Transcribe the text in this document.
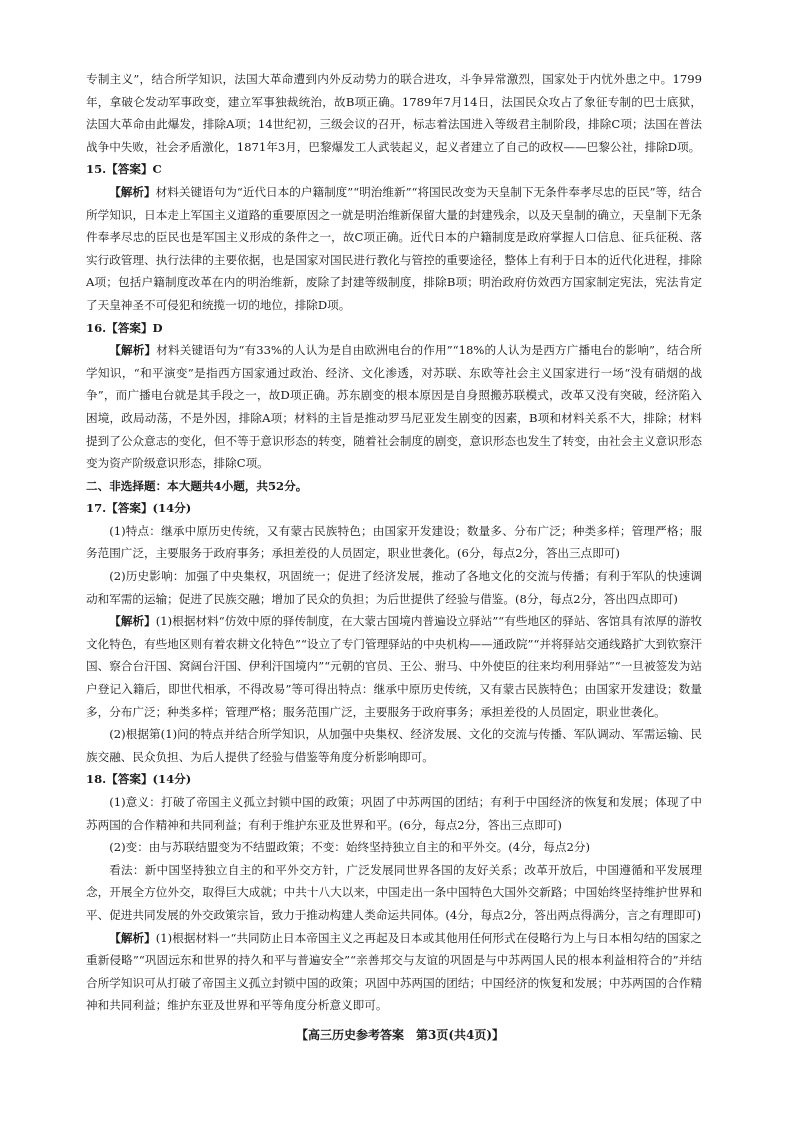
专制主义”，结合所学知识，法国大革命遭到内外反动势力的联合进攻，斗争异常激烈，国家处于内忧外患之中。1799年，拿破仑发动军事政变，建立军事独裁统治，故B项正确。1789年7月14日，法国民众攻占了象征专制的巴士底狱，法国大革命由此爆发，排除A项；14世纪初，三级会议的召开，标志着法国进入等级君主制阶段，排除C项；法国在普法战争中失败，社会矛盾激化，1871年3月，巴黎爆发工人武装起义，起义者建立了自己的政权——巴黎公社，排除D项。

15.【答案】C

【解析】材料关键语句为“近代日本的户籍制度”“明治维新”“将国民改变为天皇制下无条件奉孝尽忠的臣民”等，结合所学知识，日本走上军国主义道路的重要原因之一就是明治维新保留大量的封建残余，以及天皇制的确立，天皇制下无条件奉孝尽忠的臣民也是军国主义形成的条件之一，故C项正确。近代日本的户籍制度是政府掌握人口信息、征兵征税、落实行政管理、执行法律的主要依据，也是国家对国民进行教化与管控的重要途径，整体上有利于日本的近代化进程，排除A项；包括户籍制度改革在内的明治维新，废除了封建等级制度，排除B项；明治政府仿效西方国家制定宪法，宪法肯定了天皇神圣不可侵犯和统揽一切的地位，排除D项。

16.【答案】D

【解析】材料关键语句为“有33%的人认为是自由欧洲电台的作用”“18%的人认为是西方广播电台的影响”，结合所学知识，“和平演变”是指西方国家通过政治、经济、文化渗透，对苏联、东欧等社会主义国家进行一场“没有硝烟的战争”，而广播电台就是其手段之一，故D项正确。苏东剧变的根本原因是自身照搬苏联模式，改革又没有突破，经济陷入困境，政局动荡，不是外因，排除A项；材料的主旨是推动罗马尼亚发生剧变的因素，B项和材料关系不大，排除；材料提到了公众意志的变化，但不等于意识形态的转变，随着社会制度的剧变，意识形态也发生了转变，由社会主义意识形态变为资产阶级意识形态，排除C项。

二、非选择题：本大题共4小题，共52分。

17.【答案】(14分)

(1)特点：继承中原历史传统，又有蒙古民族特色；由国家开发建设；数量多、分布广泛；种类多样；管理严格；服务范围广泛，主要服务于政府事务；承担差役的人员固定，职业世袭化。(6分，每点2分，答出三点即可)

(2)历史影响：加强了中央集权，巩固统一；促进了经济发展，推动了各地文化的交流与传播；有利于军队的快速调动和军需的运输；促进了民族交融；增加了民众的负担；为后世提供了经验与借鉴。(8分，每点2分，答出四点即可)

【解析】(1)根据材料“仿效中原的驿传制度，在大蒙古国境内普遍设立驿站”“有些地区的驿站、客馆具有浓厚的游牧文化特色，有些地区则有着农耕文化特色”“设立了专门管理驿站的中央机构——通政院”“并将驿站交通线路扩大到钦察汗国、察合台汗国、窝阔台汗国、伊利汗国境内”“元朝的官员、王公、驸马、中外使臣的往来均利用驿站”“一旦被签发为站户登记入籍后，即世代相承，不得改易”等可得出特点：继承中原历史传统，又有蒙古民族特色；由国家开发建设；数量多，分布广泛；种类多样；管理严格；服务范围广泛，主要服务于政府事务；承担差役的人员固定，职业世袭化。

(2)根据第(1)问的特点并结合所学知识，从加强中央集权、经济发展、文化的交流与传播、军队调动、军需运输、民族交融、民众负担、为后人提供了经验与借鉴等角度分析影响即可。

18.【答案】(14分)

(1)意义：打破了帝国主义孤立封锁中国的政策；巩固了中苏两国的团结；有利于中国经济的恢复和发展；体现了中苏两国的合作精神和共同利益；有利于维护东亚及世界和平。(6分，每点2分，答出三点即可)

(2)变：由与苏联结盟变为不结盟政策；不变：始终坚持独立自主的和平外交。(4分，每点2分)

看法：新中国坚持独立自主的和平外交方针，广泛发展同世界各国的友好关系；改革开放后，中国遵循和平发展理念，开展全方位外交，取得巨大成就；中共十八大以来，中国走出一条中国特色大国外交新路；中国始终坚持维护世界和平、促进共同发展的外交政策宗旨，致力于推动构建人类命运共同体。(4分，每点2分，答出两点得满分，言之有理即可)

【解析】(1)根据材料一“共同防止日本帝国主义之再起及日本或其他用任何形式在侵略行为上与日本相勾结的国家之重新侵略”“巩固远东和世界的持久和平与普遍安全”“亲善邦交与友谊的巩固是与中苏两国人民的根本利益相符合的”并结合所学知识可从打破了帝国主义孤立封锁中国的政策；巩固中苏两国的团结；中国经济的恢复和发展；中苏两国的合作精神和共同利益；维护东亚及世界和平等角度分析意义即可。

【高三历史参考答案　第3页(共4页)】
